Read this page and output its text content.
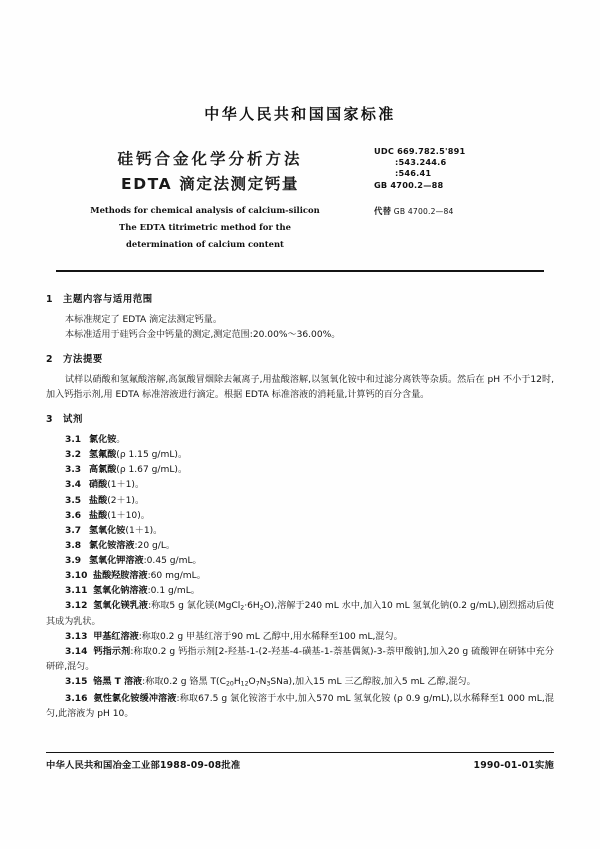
中华人民共和国国家标准
硅钙合金化学分析方法
EDTA 滴定法测定钙量
UDC 669.782.5'891
:543.244.6
:546.41
GB 4700.2—88
代替 GB 4700.2—84
Methods for chemical analysis of calcium-silicon
The EDTA titrimetric method for the
determination of calcium content
1 主题内容与适用范围

本标准规定了 EDTA 滴定法测定钙量。

本标准适用于硅钙合金中钙量的测定,测定范围:20.00%～36.00%。

2 方法提要

试样以硝酸和氢氟酸溶解,高氯酸冒烟除去氟离子,用盐酸溶解,以氢氧化铵中和过滤分离铁等杂质。然后在 pH 不小于12时,加入钙指示剂,用 EDTA 标准溶液进行滴定。根据 EDTA 标准溶液的消耗量,计算钙的百分含量。

3 试剂

3.1 氯化铵。

3.2 氢氟酸(ρ 1.15 g/mL)。

3.3 高氯酸(ρ 1.67 g/mL)。

3.4 硝酸(1＋1)。

3.5 盐酸(2＋1)。

3.6 盐酸(1＋10)。

3.7 氢氧化铵(1＋1)。

3.8 氯化铵溶液:20 g/L。

3.9 氢氧化钾溶液:0.45 g/mL。

3.10 盐酸羟胺溶液:60 mg/mL。

3.11 氢氧化钠溶液:0.1 g/mL。

3.12 氢氧化镁乳液:称取5 g 氯化镁$(MgCl_2\cdot 6H_2O)$,溶解于240 mL 水中,加入10 mL 氢氧化钠(0.2 g/mL),剧烈摇动后使其成为乳状。

3.13 甲基红溶液:称取0.2 g 甲基红溶于90 mL 乙醇中,用水稀释至100 mL,混匀。

3.14 钙指示剂:称取0.2 g 钙指示剂[2-羟基-1-(2-羟基-4-磺基-1-萘基偶氮)-3-萘甲酸钠],加入20 g 硫酸钾在研钵中充分研碎,混匀。

3.15 铬黑 T 溶液:称取0.2 g 铬黑 $T(C_{20}H_{12}O_7N_3SNa)$,加入15 mL 三乙醇胺,加入5 mL 乙醇,混匀。

3.16 氨性氯化铵缓冲溶液:称取67.5 g 氯化铵溶于水中,加入570 mL 氢氧化铵 (ρ 0.9 g/mL),以水稀释至1 000 mL,混匀,此溶液为 pH 10。

中华人民共和国冶金工业部1988-09-08批准	1990-01-01实施
